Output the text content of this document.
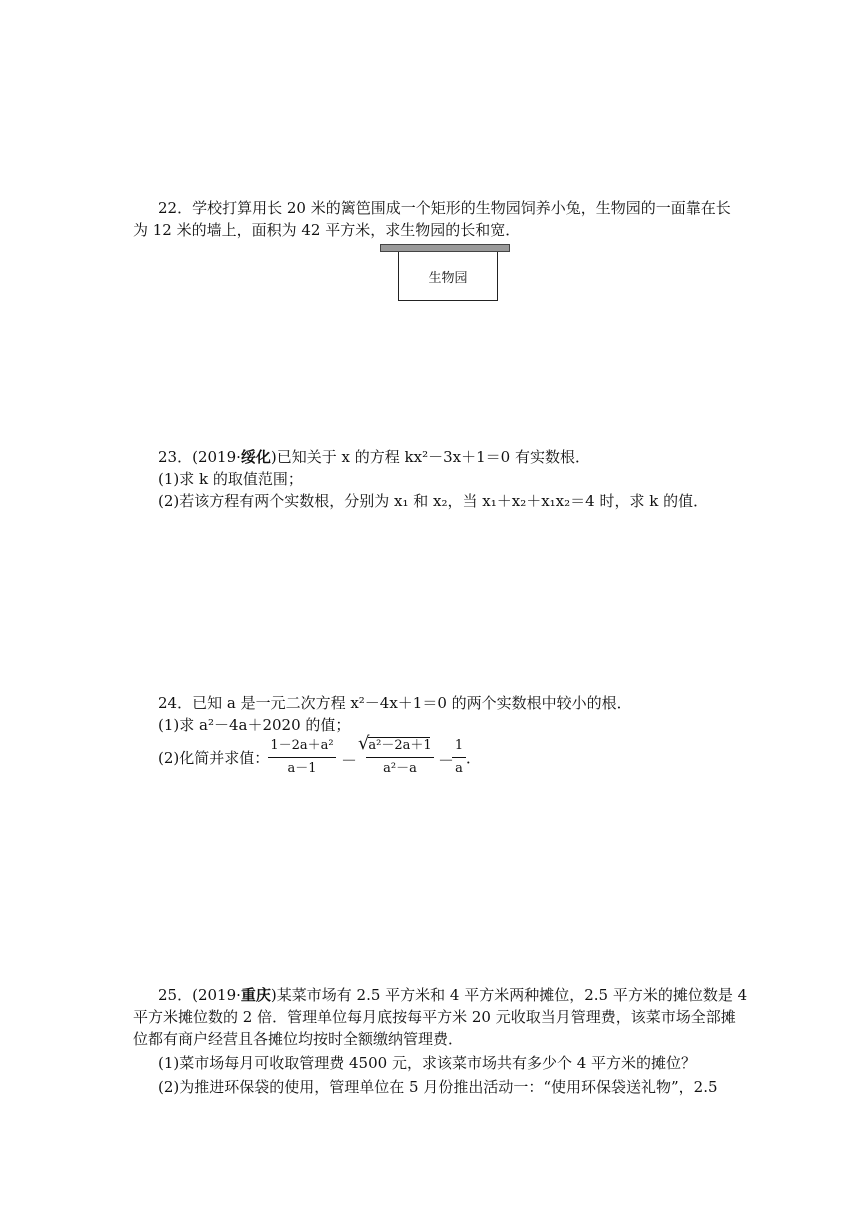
22．学校打算用长 20 米的篱笆围成一个矩形的生物园饲养小兔，生物园的一面靠在长
为 12 米的墙上，面积为 42 平方米，求生物园的长和宽．
生物园
23．(2019·绥化)已知关于 x 的方程 kx²－3x＋1＝0 有实数根．
(1)求 k 的取值范围；
(2)若该方程有两个实数根，分别为 x₁ 和 x₂，当 x₁＋x₂＋x₁x₂＝4 时，求 k 的值．
24．已知 a 是一元二次方程 x²－4x＋1＝0 的两个实数根中较小的根．
(1)求 a²－4a＋2020 的值；
(2)化简并求值：
1－2a＋a²
a－1	－
√
a²－2a＋1
a²－a	－
1
a
．
25．(2019·重庆)某菜市场有 2.5 平方米和 4 平方米两种摊位，2.5 平方米的摊位数是 4
平方米摊位数的 2 倍．管理单位每月底按每平方米 20 元收取当月管理费，该菜市场全部摊
位都有商户经营且各摊位均按时全额缴纳管理费．
(1)菜市场每月可收取管理费 4500 元，求该菜市场共有多少个 4 平方米的摊位？
(2)为推进环保袋的使用，管理单位在 5 月份推出活动一：“使用环保袋送礼物”，2.5
